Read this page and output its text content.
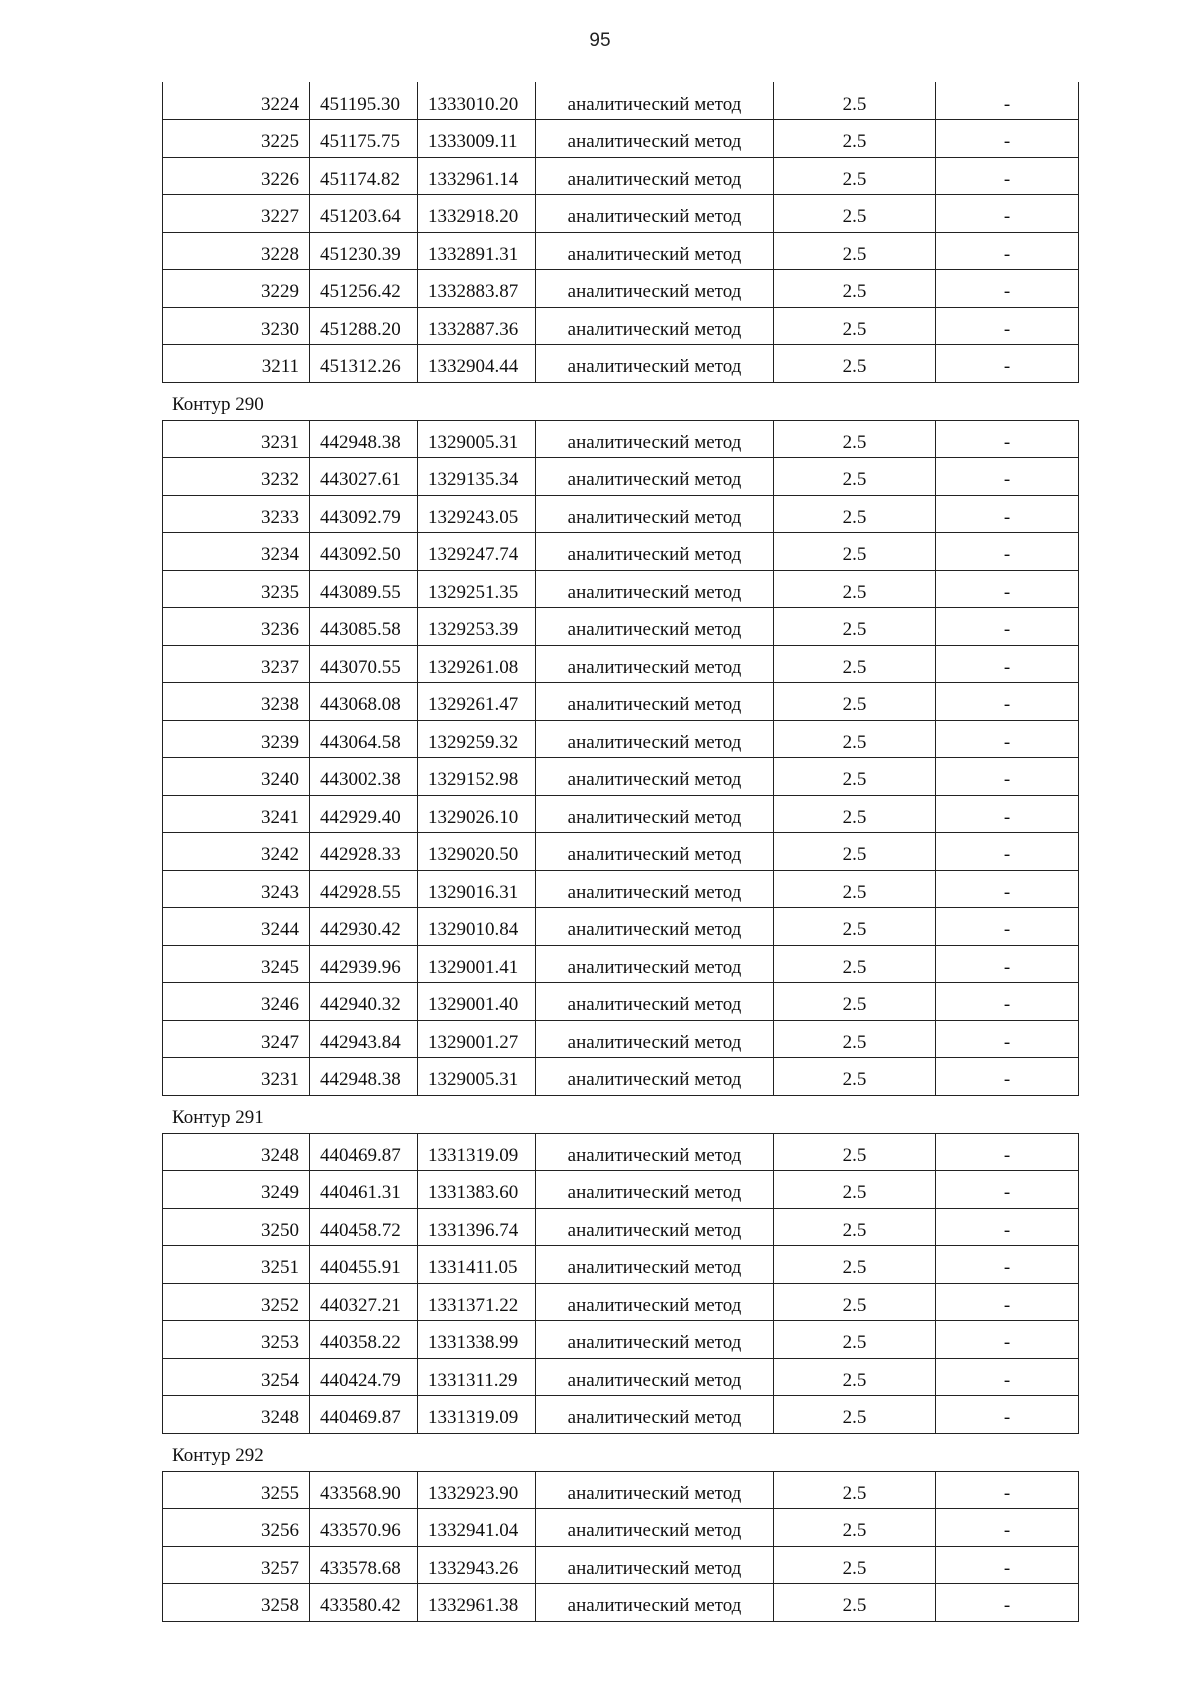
95
3224	451195.30	1333010.20	аналитический метод	2.5	-
3225	451175.75	1333009.11	аналитический метод	2.5	-
3226	451174.82	1332961.14	аналитический метод	2.5	-
3227	451203.64	1332918.20	аналитический метод	2.5	-
3228	451230.39	1332891.31	аналитический метод	2.5	-
3229	451256.42	1332883.87	аналитический метод	2.5	-
3230	451288.20	1332887.36	аналитический метод	2.5	-
3211	451312.26	1332904.44	аналитический метод	2.5	-
Контур 290
3231	442948.38	1329005.31	аналитический метод	2.5	-
3232	443027.61	1329135.34	аналитический метод	2.5	-
3233	443092.79	1329243.05	аналитический метод	2.5	-
3234	443092.50	1329247.74	аналитический метод	2.5	-
3235	443089.55	1329251.35	аналитический метод	2.5	-
3236	443085.58	1329253.39	аналитический метод	2.5	-
3237	443070.55	1329261.08	аналитический метод	2.5	-
3238	443068.08	1329261.47	аналитический метод	2.5	-
3239	443064.58	1329259.32	аналитический метод	2.5	-
3240	443002.38	1329152.98	аналитический метод	2.5	-
3241	442929.40	1329026.10	аналитический метод	2.5	-
3242	442928.33	1329020.50	аналитический метод	2.5	-
3243	442928.55	1329016.31	аналитический метод	2.5	-
3244	442930.42	1329010.84	аналитический метод	2.5	-
3245	442939.96	1329001.41	аналитический метод	2.5	-
3246	442940.32	1329001.40	аналитический метод	2.5	-
3247	442943.84	1329001.27	аналитический метод	2.5	-
3231	442948.38	1329005.31	аналитический метод	2.5	-
Контур 291
3248	440469.87	1331319.09	аналитический метод	2.5	-
3249	440461.31	1331383.60	аналитический метод	2.5	-
3250	440458.72	1331396.74	аналитический метод	2.5	-
3251	440455.91	1331411.05	аналитический метод	2.5	-
3252	440327.21	1331371.22	аналитический метод	2.5	-
3253	440358.22	1331338.99	аналитический метод	2.5	-
3254	440424.79	1331311.29	аналитический метод	2.5	-
3248	440469.87	1331319.09	аналитический метод	2.5	-
Контур 292
3255	433568.90	1332923.90	аналитический метод	2.5	-
3256	433570.96	1332941.04	аналитический метод	2.5	-
3257	433578.68	1332943.26	аналитический метод	2.5	-
3258	433580.42	1332961.38	аналитический метод	2.5	-
